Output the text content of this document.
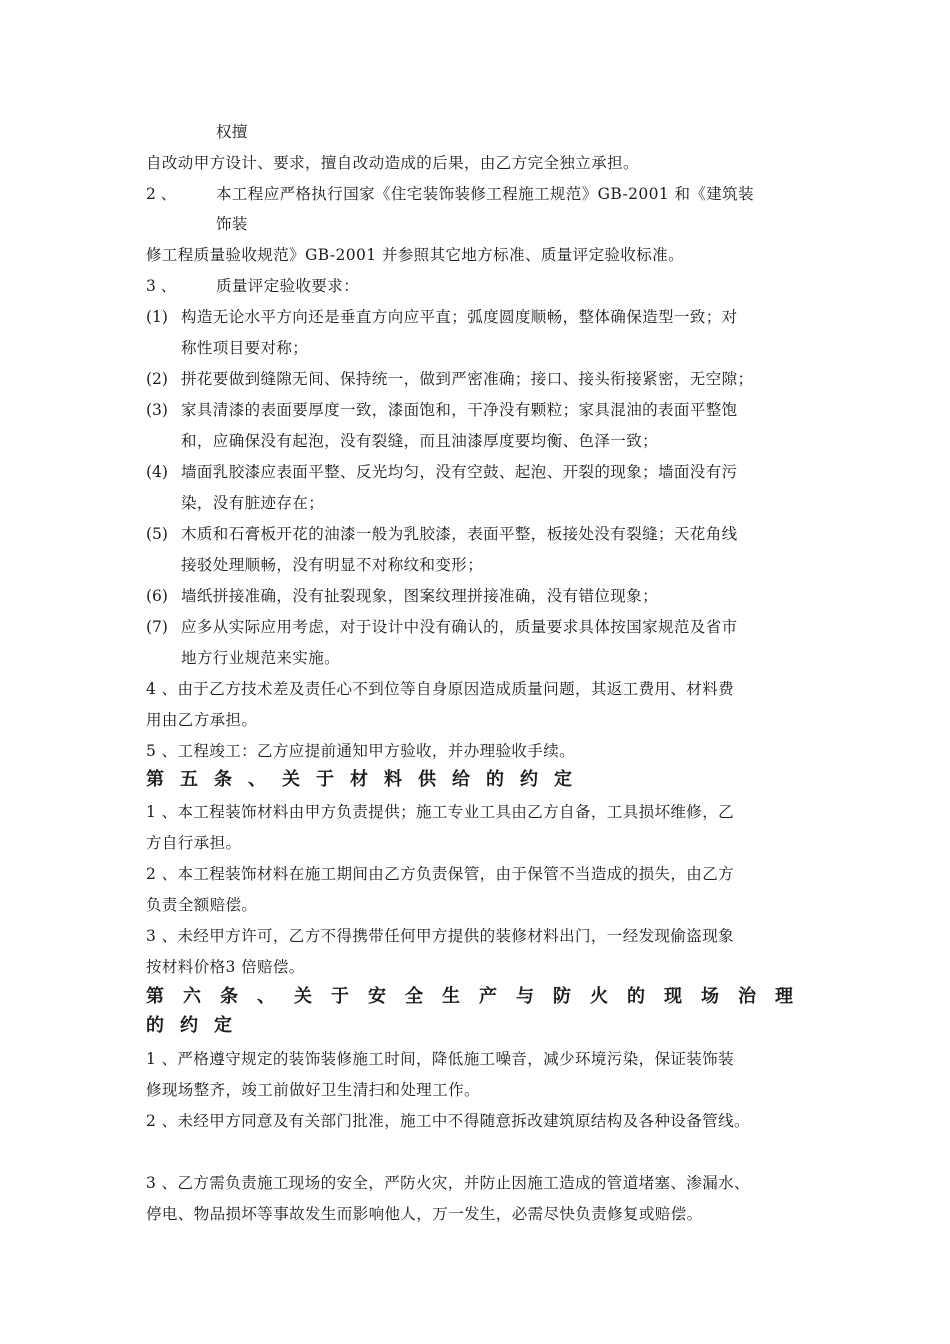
权擅
自改动甲方设计、要求，擅自改动造成的后果，由乙方完全独立承担。
2 、	本工程应严格执行国家《住宅装饰装修工程施工规范》GB-2001 和《建筑装
饰装
修工程质量验收规范》GB-2001 并参照其它地方标准、质量评定验收标准。
3 、	质量评定验收要求：
(1) 构造无论水平方向还是垂直方向应平直；弧度圆度顺畅，整体确保造型一致；对
称性项目要对称；
(2) 拼花要做到缝隙无间、保持统一，做到严密准确；接口、接头衔接紧密，无空隙；
(3) 家具清漆的表面要厚度一致，漆面饱和，干净没有颗粒；家具混油的表面平整饱
和，应确保没有起泡，没有裂缝，而且油漆厚度要均衡、色泽一致；
(4) 墙面乳胶漆应表面平整、反光均匀，没有空鼓、起泡、开裂的现象；墙面没有污
染，没有脏迹存在；
(5) 木质和石膏板开花的油漆一般为乳胶漆，表面平整，板接处没有裂缝；天花角线
接驳处理顺畅，没有明显不对称纹和变形；
(6) 墙纸拼接准确，没有扯裂现象，图案纹理拼接准确，没有错位现象；
(7) 应多从实际应用考虑，对于设计中没有确认的，质量要求具体按国家规范及省市
地方行业规范来实施。
4 、由于乙方技术差及责任心不到位等自身原因造成质量问题，其返工费用、材料费
用由乙方承担。
5 、工程竣工：乙方应提前通知甲方验收，并办理验收手续。
第五条、关于材料供给的约定
1 、本工程装饰材料由甲方负责提供；施工专业工具由乙方自备，工具损坏维修，乙
方自行承担。
2 、本工程装饰材料在施工期间由乙方负责保管，由于保管不当造成的损失，由乙方
负责全额赔偿。
3 、未经甲方许可，乙方不得携带任何甲方提供的装修材料出门，一经发现偷盗现象
按材料价格3 倍赔偿。
第六条、关于安全生产与防火的现场治理
的约定
1 、严格遵守规定的装饰装修施工时间，降低施工噪音，减少环境污染，保证装饰装
修现场整齐，竣工前做好卫生清扫和处理工作。
2 、未经甲方同意及有关部门批准，施工中不得随意拆改建筑原结构及各种设备管线。
3 、乙方需负责施工现场的安全，严防火灾，并防止因施工造成的管道堵塞、渗漏水、
停电、物品损坏等事故发生而影响他人，万一发生，必需尽快负责修复或赔偿。
